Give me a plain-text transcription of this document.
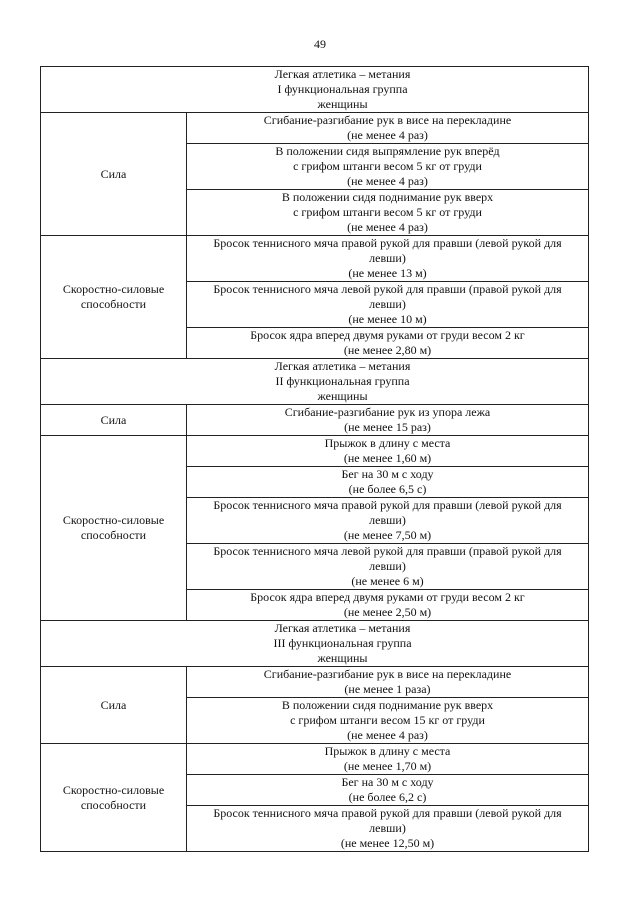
49
Легкая атлетика – метания
I функциональная группа
женщины	

Сила	Сгибание-разгибание рук в висе на перекладине
(не менее 4 раз)

	В положении сидя выпрямление рук вперёд
с грифом штанги весом 5 кг от груди
(не менее 4 раз)

	В положении сидя поднимание рук вверх
с грифом штанги весом 5 кг от груди
(не менее 4 раз)

Скоростно-силовые
способности	Бросок теннисного мяча правой рукой для правши (левой рукой для
левши)
(не менее 13 м)

	Бросок теннисного мяча левой рукой для правши (правой рукой для
левши)
(не менее 10 м)

	Бросок ядра вперед двумя руками от груди весом 2 кг
(не менее 2,80 м)

Легкая атлетика – метания
II функциональная группа
женщины	

Сила	Сгибание-разгибание рук из упора лежа
(не менее 15 раз)

Скоростно-силовые
способности	Прыжок в длину с места
(не менее 1,60 м)

	Бег на 30 м с ходу
(не более 6,5 с)

	Бросок теннисного мяча правой рукой для правши (левой рукой для
левши)
(не менее 7,50 м)

	Бросок теннисного мяча левой рукой для правши (правой рукой для
левши)
(не менее 6 м)

	Бросок ядра вперед двумя руками от груди весом 2 кг
(не менее 2,50 м)

Легкая атлетика – метания
III функциональная группа
женщины	

Сила	Сгибание-разгибание рук в висе на перекладине
(не менее 1 раза)

	В положении сидя поднимание рук вверх
с грифом штанги весом 15 кг от груди
(не менее 4 раз)

Скоростно-силовые
способности	Прыжок в длину с места
(не менее 1,70 м)

	Бег на 30 м с ходу
(не более 6,2 с)

	Бросок теннисного мяча правой рукой для правши (левой рукой для
левши)
(не менее 12,50 м)
